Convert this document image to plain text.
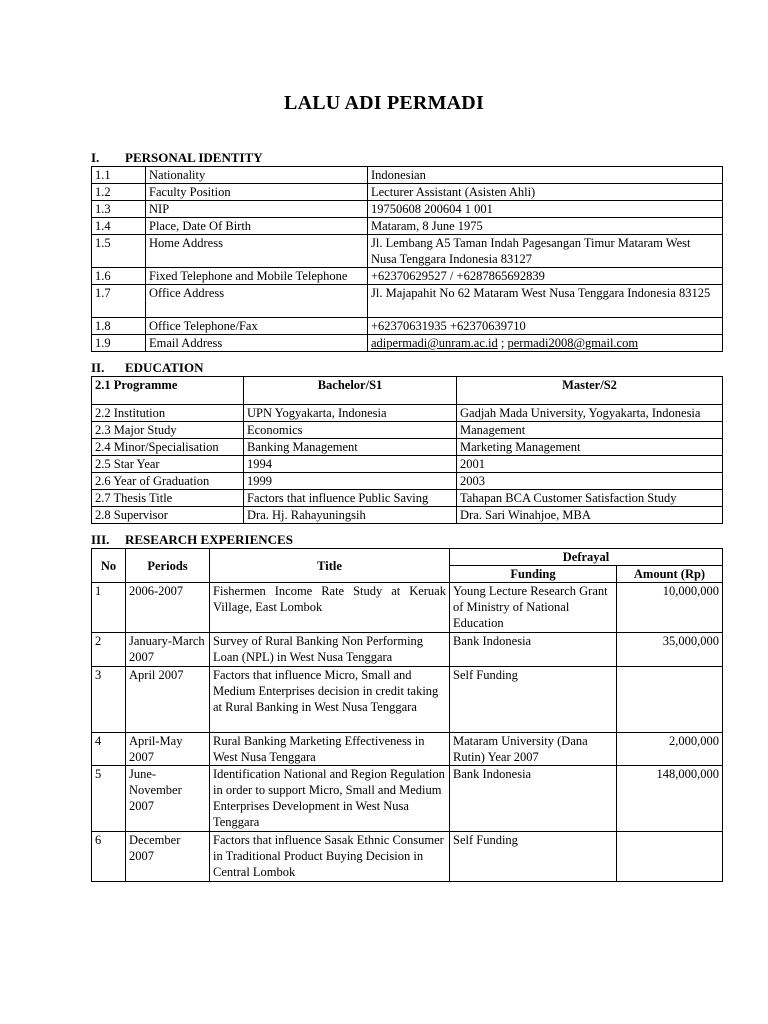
LALU ADI PERMADI
I. PERSONAL IDENTITY
1.1	Nationality	Indonesian
1.2	Faculty Position	Lecturer Assistant (Asisten Ahli)
1.3	NIP	19750608 200604 1 001
1.4	Place, Date Of Birth	Mataram, 8 June 1975
1.5	Home Address	Jl. Lembang A5 Taman Indah Pagesangan Timur Mataram West Nusa Tenggara Indonesia 83127
1.6	Fixed Telephone and Mobile Telephone	+62370629527 / +6287865692839
1.7	Office Address	Jl. Majapahit No 62 Mataram West Nusa Tenggara Indonesia 83125
1.8	Office Telephone/Fax	+62370631935 +62370639710
1.9	Email Address	adipermadi@unram.ac.id ; permadi2008@gmail.com
II. EDUCATION
2.1 Programme	Bachelor/S1	Master/S2
2.2 Institution	UPN Yogyakarta, Indonesia	Gadjah Mada University, Yogyakarta, Indonesia
2.3 Major Study	Economics	Management
2.4 Minor/Specialisation	Banking Management	Marketing Management
2.5 Star Year	1994	2001
2.6 Year of Graduation	1999	2003
2.7 Thesis Title	Factors that influence Public Saving	Tahapan BCA Customer Satisfaction Study
2.8 Supervisor	Dra. Hj. Rahayuningsih	Dra. Sari Winahjoe, MBA
III. RESEARCH EXPERIENCES
No	Periods	Title	Defrayal	
			Funding	Amount (Rp)
1	2006-2007	Fishermen Income Rate Study at Keruak Village, East Lombok	Young Lecture Research Grant of Ministry of National Education	10,000,000
2	January-March 2007	Survey of Rural Banking Non Performing Loan (NPL) in West Nusa Tenggara	Bank Indonesia	35,000,000
3	April 2007	Factors that influence Micro, Small and Medium Enterprises decision in credit taking at Rural Banking in West Nusa Tenggara	Self Funding	
4	April-May 2007	Rural Banking Marketing Effectiveness in West Nusa Tenggara	Mataram University (Dana Rutin) Year 2007	2,000,000
5	June-November 2007	Identification National and Region Regulation in order to support Micro, Small and Medium Enterprises Development in West Nusa Tenggara	Bank Indonesia	148,000,000
6	December 2007	Factors that influence Sasak Ethnic Consumer in Traditional Product Buying Decision in Central Lombok	Self Funding	
